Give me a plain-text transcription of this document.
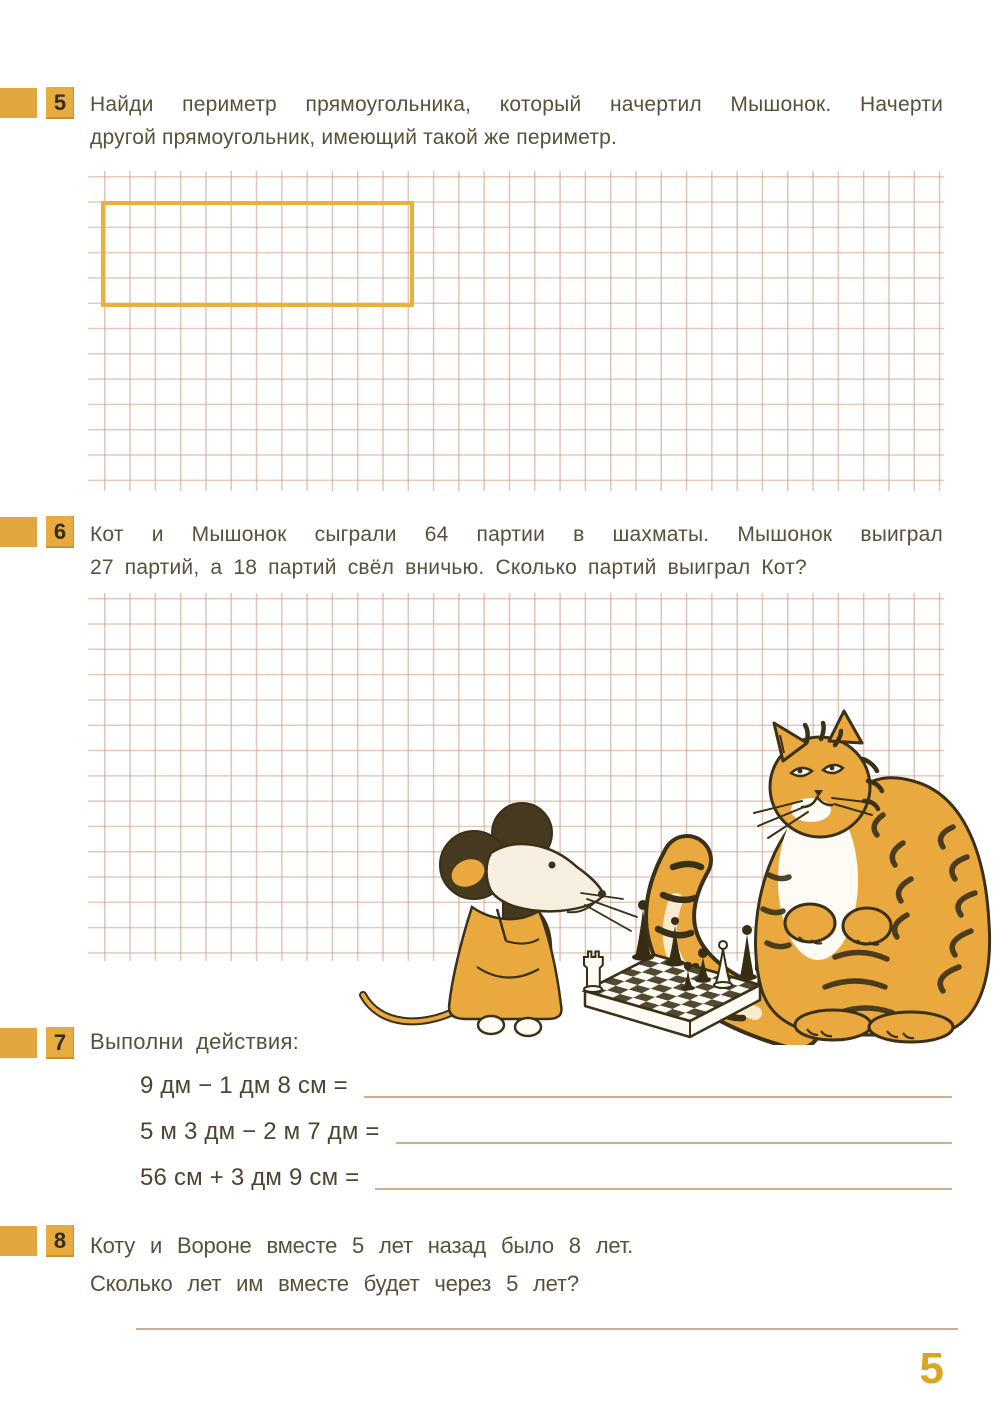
5	Найди периметр прямоугольника, который начертил Мышонок. Начерти
другой прямоугольник, имеющий такой же периметр.
6	Кот и Мышонок сыграли 64 партии в шахматы. Мышонок выиграл
27 партий, а 18 партий свёл вничью. Сколько партий выиграл Кот?
7	Выполни действия:
9 дм − 1 дм 8 см =
5 м 3 дм − 2 м 7 дм =
56 см + 3 дм 9 см =
8	Коту и Вороне вместе 5 лет назад было 8 лет.
Сколько лет им вместе будет через 5 лет?
5
